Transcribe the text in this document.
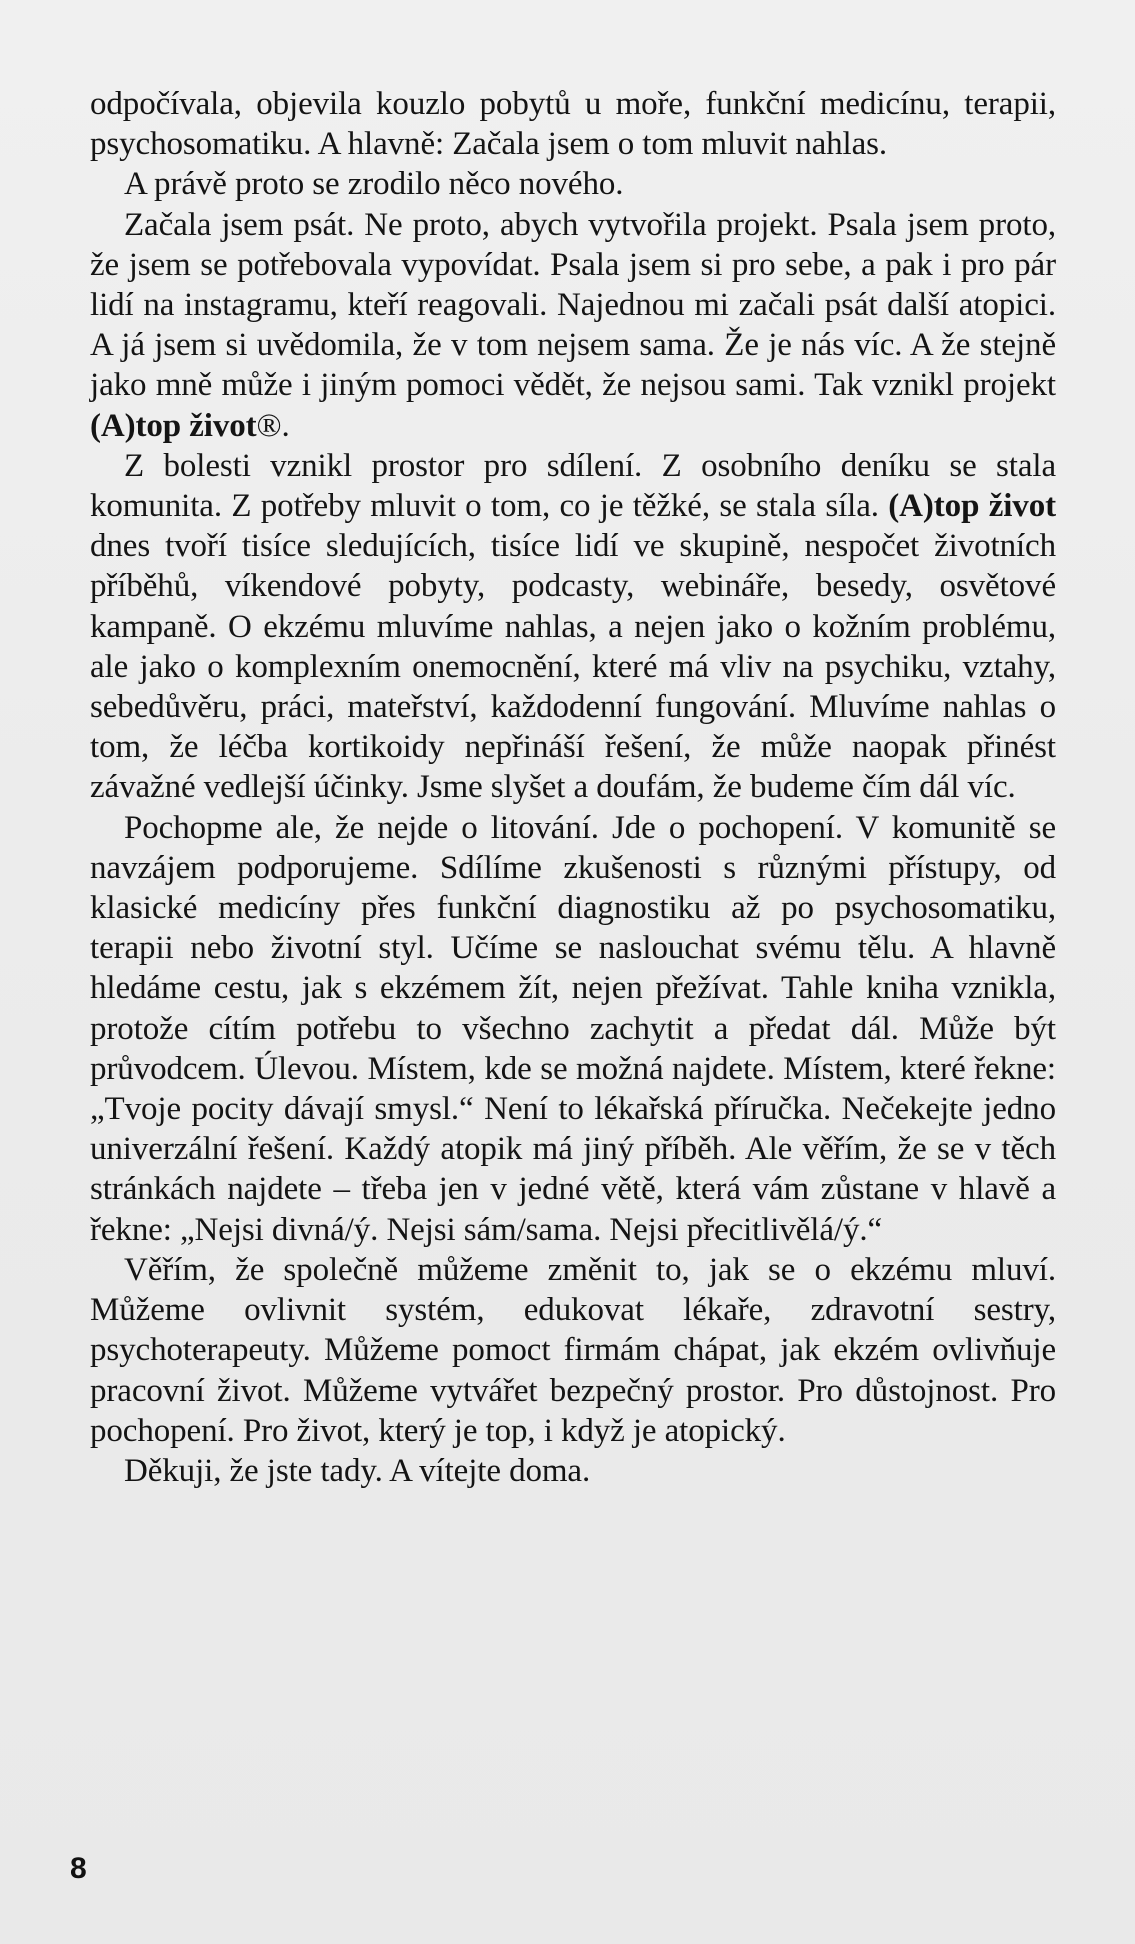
odpočívala, objevila kouzlo pobytů u moře, funkční medicínu, terapii, psychosomatiku. A hlavně: Začala jsem o tom mluvit nahlas.

A právě proto se zrodilo něco nového.

Začala jsem psát. Ne proto, abych vytvořila projekt. Psala jsem proto, že jsem se potřebovala vypovídat. Psala jsem si pro sebe, a pak i pro pár lidí na instagramu, kteří reagovali. Najednou mi začali psát další atopici. A já jsem si uvědomila, že v tom nejsem sama. Že je nás víc. A že stejně jako mně může i jiným pomoci vědět, že nejsou sami. Tak vznikl projekt (A)top život®.

Z bolesti vznikl prostor pro sdílení. Z osobního deníku se stala komunita. Z potřeby mluvit o tom, co je těžké, se stala síla. (A)top život dnes tvoří tisíce sledujících, tisíce lidí ve skupině, nespočet životních příběhů, víkendové pobyty, podcasty, webináře, besedy, osvětové kampaně. O ekzému mluvíme nahlas, a nejen jako o kožním problému, ale jako o komplexním onemocnění, které má vliv na psychiku, vztahy, sebedůvěru, práci, mateřství, každodenní fungování. Mluvíme nahlas o tom, že léčba kortikoidy nepřináší řešení, že může naopak přinést závažné vedlejší účinky. Jsme slyšet a doufám, že budeme čím dál víc.

Pochopme ale, že nejde o litování. Jde o pochopení. V komunitě se navzájem podporujeme. Sdílíme zkušenosti s různými přístupy, od klasické medicíny přes funkční diagnostiku až po psychosomatiku, terapii nebo životní styl. Učíme se naslouchat svému tělu. A hlavně hledáme cestu, jak s ekzémem žít, nejen přežívat. Tahle kniha vznikla, protože cítím potřebu to všechno zachytit a předat dál. Může být průvodcem. Úlevou. Místem, kde se možná najdete. Místem, které řekne: „Tvoje pocity dávají smysl.“ Není to lékařská příručka. Nečekejte jedno univerzální řešení. Každý atopik má jiný příběh. Ale věřím, že se v těch stránkách najdete – třeba jen v jedné větě, která vám zůstane v hlavě a řekne: „Nejsi divná/ý. Nejsi sám/sama. Nejsi přecitlivělá/ý.“

Věřím, že společně můžeme změnit to, jak se o ekzému mluví. Můžeme ovlivnit systém, edukovat lékaře, zdravotní sestry, psychoterapeuty. Můžeme pomoct firmám chápat, jak ekzém ovlivňuje pracovní život. Můžeme vytvářet bezpečný prostor. Pro důstojnost. Pro pochopení. Pro život, který je top, i když je atopický.

Děkuji, že jste tady. A vítejte doma.

8
